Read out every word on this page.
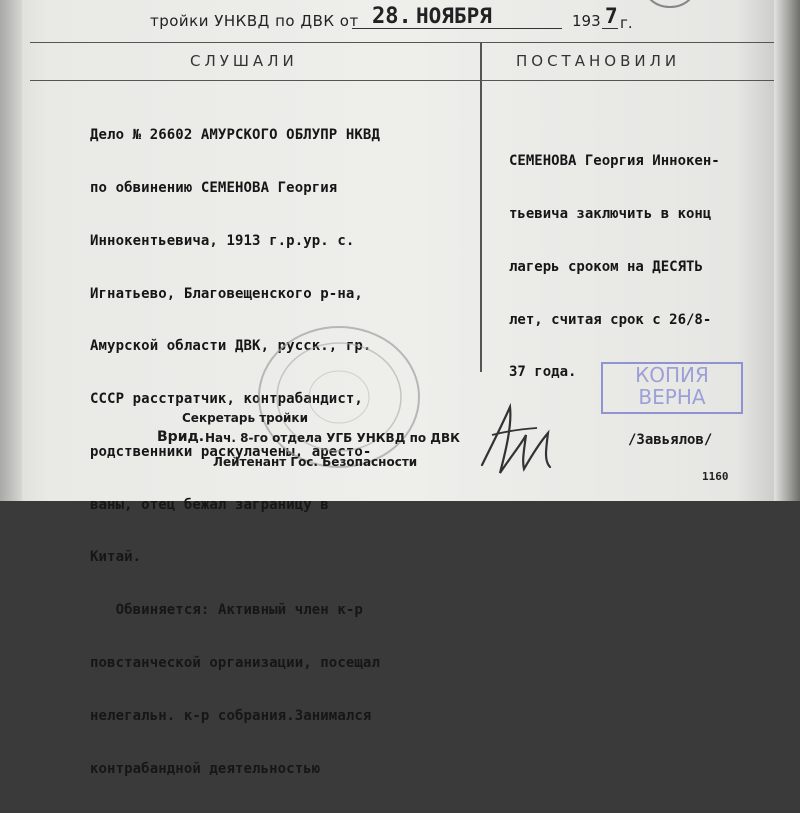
тройки УНКВД по ДВК от 28. НОЯБРЯ	193 7 г.
СЛУШАЛИ	ПОСТАНОВИЛИ

Дело № 26602 АМУРСКОГО ОБЛУПР НКВД

по обвинению СЕМЕНОВА Георгия

Иннокентьевича, 1913 г.р.ур. с.

Игнатьево, Благовещенского р-на,

Амурской области ДВК, русск., гр.

СССР расстратчик, контрабандист,

родственники раскулачены, аресто-

ваны, отец бежал заграницу в

Китай.

Обвиняется: Активный член к-р

повстанческой организации, посещал

нелегальн. к-р собрания.Занимался

контрабандной деятельностью

СЕМЕНОВА Георгия Иннокен-

тьевича заключить в конц

лагерь сроком на ДЕСЯТЬ

лет, считая срок с 26/8-

37 года.

Секретарь тройки
Врид. Нач. 8-го отдела УГБ УНКВД по ДВК
Лейтенант Гос. Безопасности
/Завьялов/
КОПИЯ
ВЕРНА
1160
